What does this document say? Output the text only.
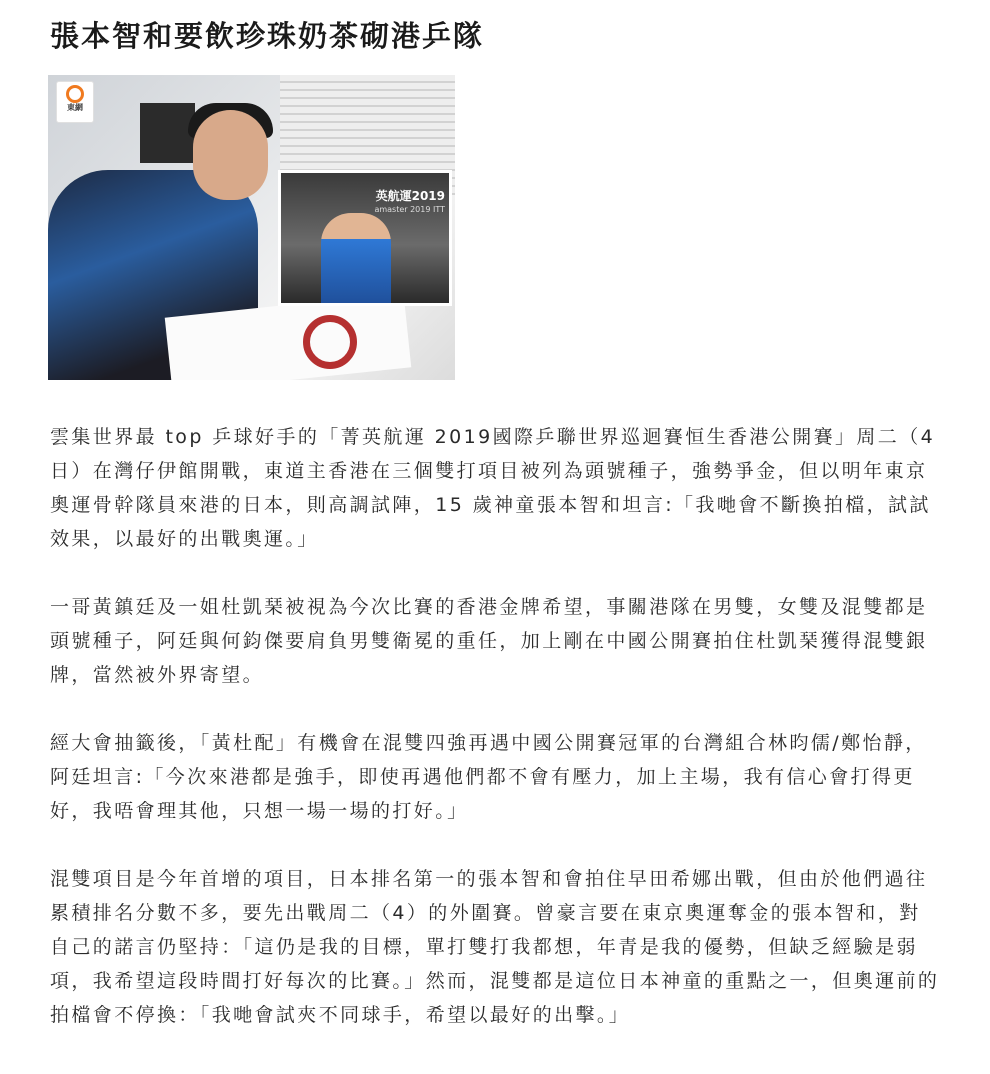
張本智和要飲珍珠奶茶砌港乒隊
英航運2019
amaster 2019 ITT
東網

雲集世界最 top 乒球好手的「菁英航運 2019國際乒聯世界巡迴賽恒生香港公開賽」周二（4日）在灣仔伊館開戰，東道主香港在三個雙打項目被列為頭號種子，強勢爭金，但以明年東京奧運骨幹隊員來港的日本，則高調試陣，15 歲神童張本智和坦言:「我哋會不斷換拍檔，試試效果，以最好的出戰奧運。」

一哥黃鎮廷及一姐杜凱琹被視為今次比賽的香港金牌希望，事關港隊在男雙，女雙及混雙都是頭號種子，阿廷與何鈞傑要肩負男雙衛冕的重任，加上剛在中國公開賽拍住杜凱琹獲得混雙銀牌，當然被外界寄望。

經大會抽籤後，「黃杜配」有機會在混雙四強再遇中國公開賽冠軍的台灣組合林昀儒/鄭怡靜，阿廷坦言:「今次來港都是強手，即使再遇他們都不會有壓力，加上主場，我有信心會打得更好，我唔會理其他，只想一場一場的打好。」

混雙項目是今年首增的項目，日本排名第一的張本智和會拍住早田希娜出戰，但由於他們過往累積排名分數不多，要先出戰周二（4）的外圍賽。曾豪言要在東京奧運奪金的張本智和，對自己的諾言仍堅持：「這仍是我的目標，單打雙打我都想，年青是我的優勢，但缺乏經驗是弱項，我希望這段時間打好每次的比賽。」然而，混雙都是這位日本神童的重點之一，但奧運前的拍檔會不停換：「我哋會試夾不同球手，希望以最好的出擊。」
